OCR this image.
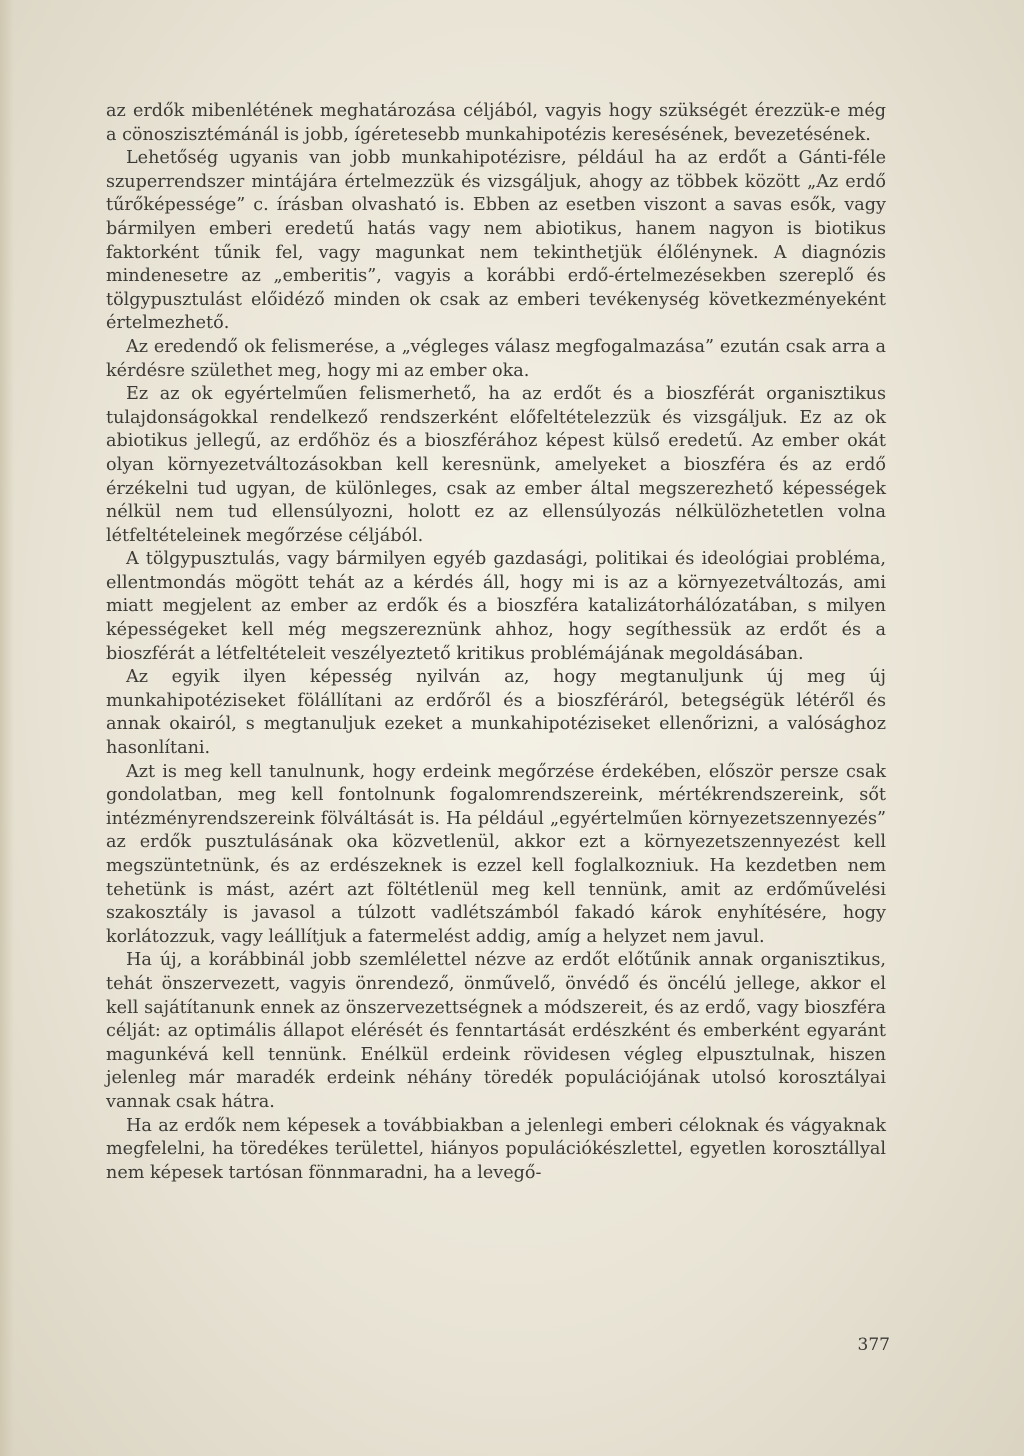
az erdők mibenlétének meghatározása céljából, vagyis hogy szükségét érezzük-e még a cönoszisztémánál is jobb, ígéretesebb munkahipotézis keresésének, bevezetésének.

Lehetőség ugyanis van jobb munkahipotézisre, például ha az erdőt a Gánti-féle szuperrendszer mintájára értelmezzük és vizsgáljuk, ahogy az többek között „Az erdő tűrőképessége” c. írásban olvasható is. Ebben az esetben viszont a savas esők, vagy bármilyen emberi eredetű hatás vagy nem abiotikus, hanem nagyon is biotikus faktorként tűnik fel, vagy magunkat nem tekinthetjük élőlénynek. A diagnózis mindenesetre az „emberitis”, vagyis a korábbi erdő-értelmezésekben szereplő és tölgypusztulást előidéző minden ok csak az emberi tevékenység következményeként értelmezhető.

Az eredendő ok felismerése, a „végleges válasz megfogalmazása” ezután csak arra a kérdésre születhet meg, hogy mi az ember oka.

Ez az ok egyértelműen felismerhető, ha az erdőt és a bioszférát organisztikus tulajdonságokkal rendelkező rendszerként előfeltételezzük és vizsgáljuk. Ez az ok abiotikus jellegű, az erdőhöz és a bioszférához képest külső eredetű. Az ember okát olyan környezetváltozásokban kell keresnünk, amelyeket a bioszféra és az erdő érzékelni tud ugyan, de különleges, csak az ember által megszerezhető képességek nélkül nem tud ellensúlyozni, holott ez az ellensúlyozás nélkülözhetetlen volna létfeltételeinek megőrzése céljából.

A tölgypusztulás, vagy bármilyen egyéb gazdasági, politikai és ideológiai probléma, ellentmondás mögött tehát az a kérdés áll, hogy mi is az a környezetváltozás, ami miatt megjelent az ember az erdők és a bioszféra katalizátorhálózatában, s milyen képességeket kell még megszereznünk ahhoz, hogy segíthessük az erdőt és a bioszférát a létfeltételeit veszélyeztető kritikus problémájának megoldásában.

Az egyik ilyen képesség nyilván az, hogy megtanuljunk új meg új munkahipotéziseket fölállítani az erdőről és a bioszféráról, betegségük létéről és annak okairól, s megtanuljuk ezeket a munkahipotéziseket ellenőrizni, a valósághoz hasonlítani.

Azt is meg kell tanulnunk, hogy erdeink megőrzése érdekében, először persze csak gondolatban, meg kell fontolnunk fogalomrendszereink, mértékrendszereink, sőt intézményrendszereink fölváltását is. Ha például „egyértelműen környezetszennyezés” az erdők pusztulásának oka közvetlenül, akkor ezt a környezetszennyezést kell megszüntetnünk, és az erdészeknek is ezzel kell foglalkozniuk. Ha kezdetben nem tehetünk is mást, azért azt föltétlenül meg kell tennünk, amit az erdőművelési szakosztály is javasol a túlzott vadlétszámból fakadó károk enyhítésére, hogy korlátozzuk, vagy leállítjuk a fatermelést addig, amíg a helyzet nem javul.

Ha új, a korábbinál jobb szemlélettel nézve az erdőt előtűnik annak organisztikus, tehát önszervezett, vagyis önrendező, önművelő, önvédő és öncélú jellege, akkor el kell sajátítanunk ennek az önszervezettségnek a módszereit, és az erdő, vagy bioszféra célját: az optimális állapot elérését és fenntartását erdészként és emberként egyaránt magunkévá kell tennünk. Enélkül erdeink rövidesen végleg elpusztulnak, hiszen jelenleg már maradék erdeink néhány töredék populációjának utolsó korosztályai vannak csak hátra.

Ha az erdők nem képesek a továbbiakban a jelenlegi emberi céloknak és vágyaknak megfelelni, ha töredékes területtel, hiányos populációkészlettel, egyetlen korosztállyal nem képesek tartósan fönnmaradni, ha a levegő-

377
